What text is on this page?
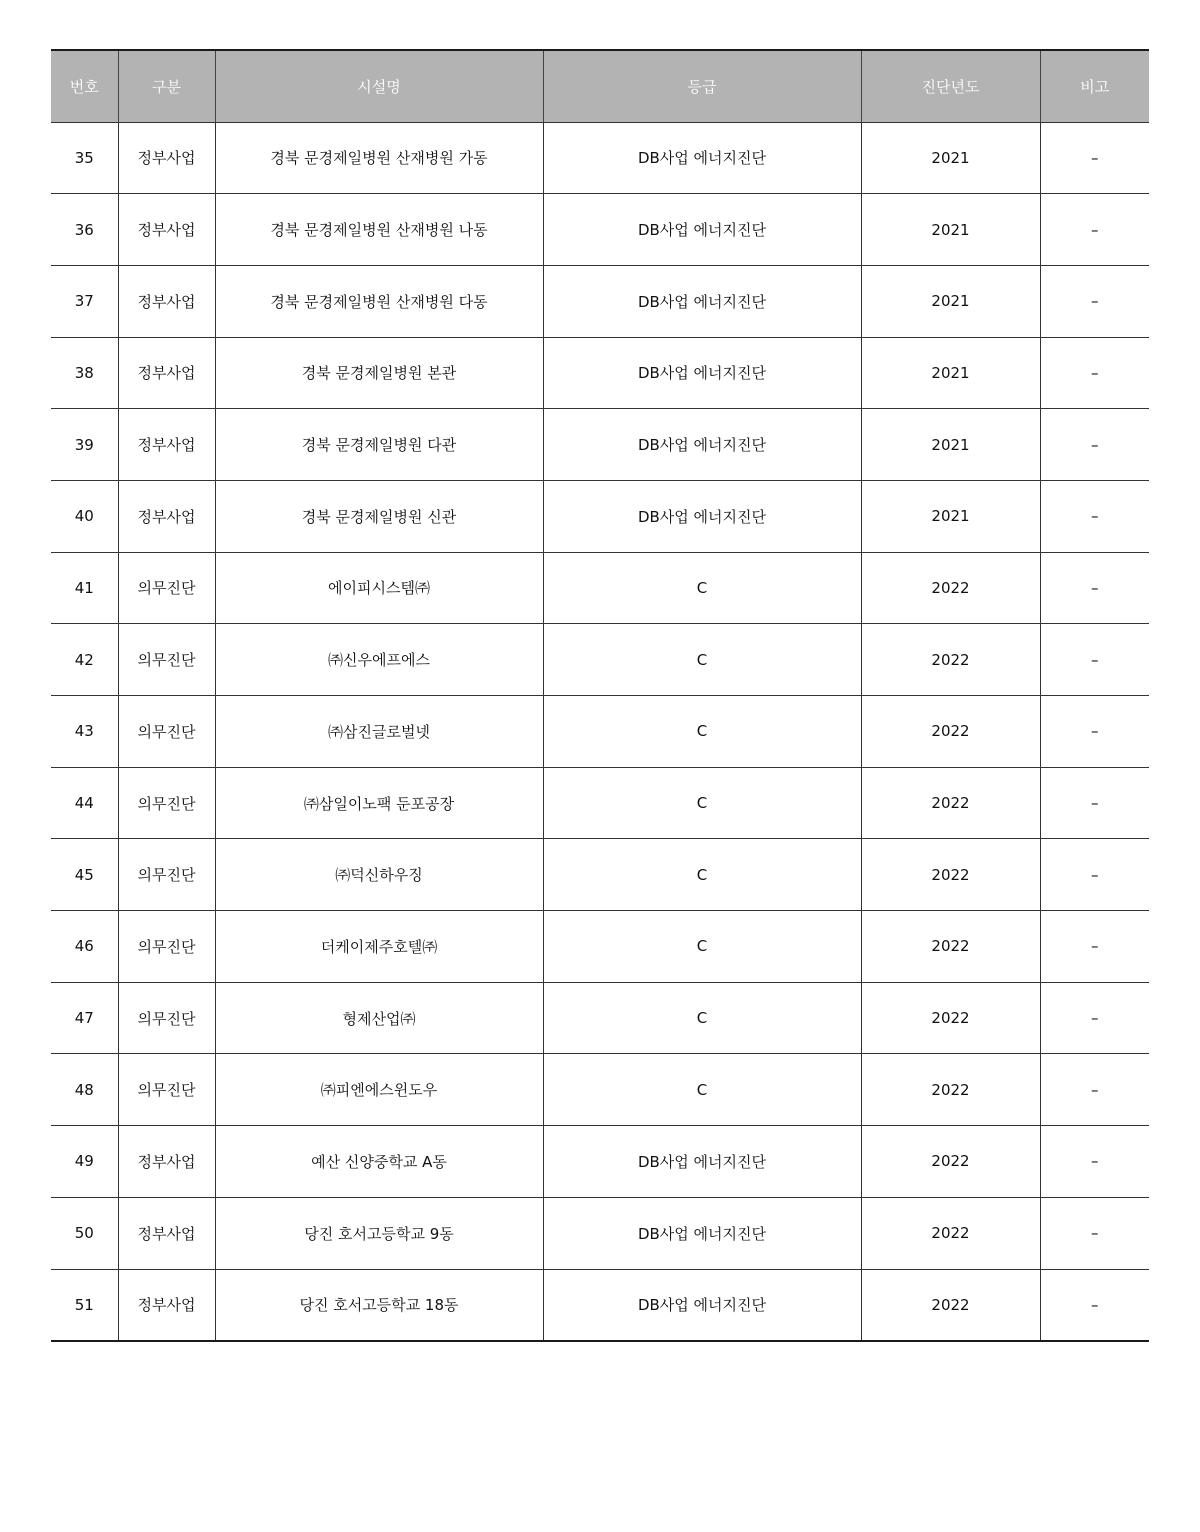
번호	구분	시설명	등급	진단년도	비고
35	정부사업	경북 문경제일병원 산재병원 가동	DB사업 에너지진단	2021	–
36	정부사업	경북 문경제일병원 산재병원 나동	DB사업 에너지진단	2021	–
37	정부사업	경북 문경제일병원 산재병원 다동	DB사업 에너지진단	2021	–
38	정부사업	경북 문경제일병원 본관	DB사업 에너지진단	2021	–
39	정부사업	경북 문경제일병원 다관	DB사업 에너지진단	2021	–
40	정부사업	경북 문경제일병원 신관	DB사업 에너지진단	2021	–
41	의무진단	에이피시스템㈜	C	2022	–
42	의무진단	㈜신우에프에스	C	2022	–
43	의무진단	㈜삼진글로벌넷	C	2022	–
44	의무진단	㈜삼일이노팩 둔포공장	C	2022	–
45	의무진단	㈜덕신하우징	C	2022	–
46	의무진단	더케이제주호텔㈜	C	2022	–
47	의무진단	형제산업㈜	C	2022	–
48	의무진단	㈜피엔에스윈도우	C	2022	–
49	정부사업	예산 신양중학교 A동	DB사업 에너지진단	2022	–
50	정부사업	당진 호서고등학교 9동	DB사업 에너지진단	2022	–
51	정부사업	당진 호서고등학교 18동	DB사업 에너지진단	2022	–
